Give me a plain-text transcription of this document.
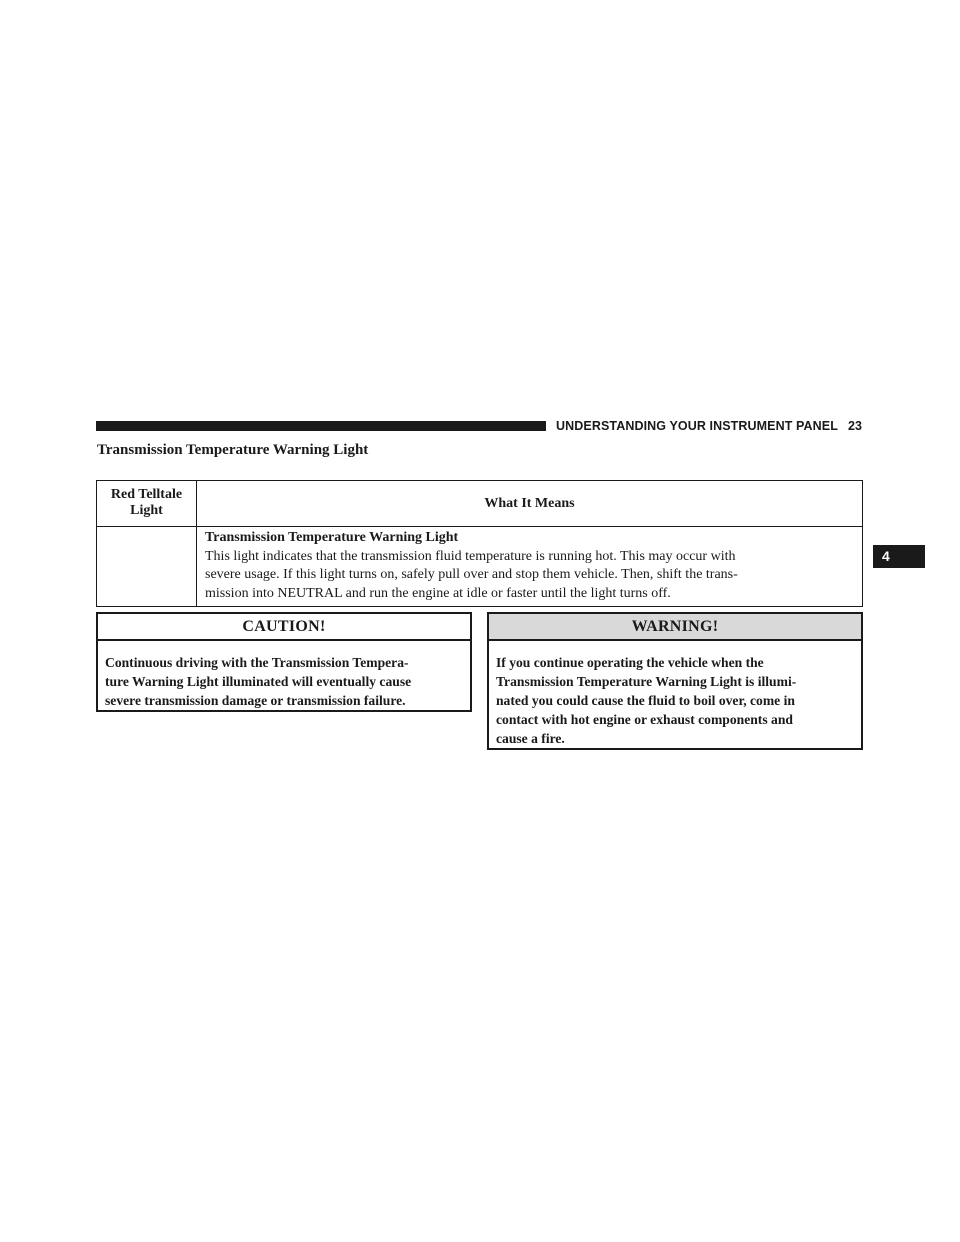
UNDERSTANDING YOUR INSTRUMENT PANEL 23
4
Transmission Temperature Warning Light
Red Telltale
Light	What It Means

	Transmission Temperature Warning Light
This light indicates that the transmission fluid temperature is running hot. This may occur with
severe usage. If this light turns on, safely pull over and stop them vehicle. Then, shift the trans-
mission into NEUTRAL and run the engine at idle or faster until the light turns off.
CAUTION!
Continuous driving with the Transmission Tempera-
ture Warning Light illuminated will eventually cause
severe transmission damage or transmission failure.
WARNING!
If you continue operating the vehicle when the
Transmission Temperature Warning Light is illumi-
nated you could cause the fluid to boil over, come in
contact with hot engine or exhaust components and
cause a fire.
